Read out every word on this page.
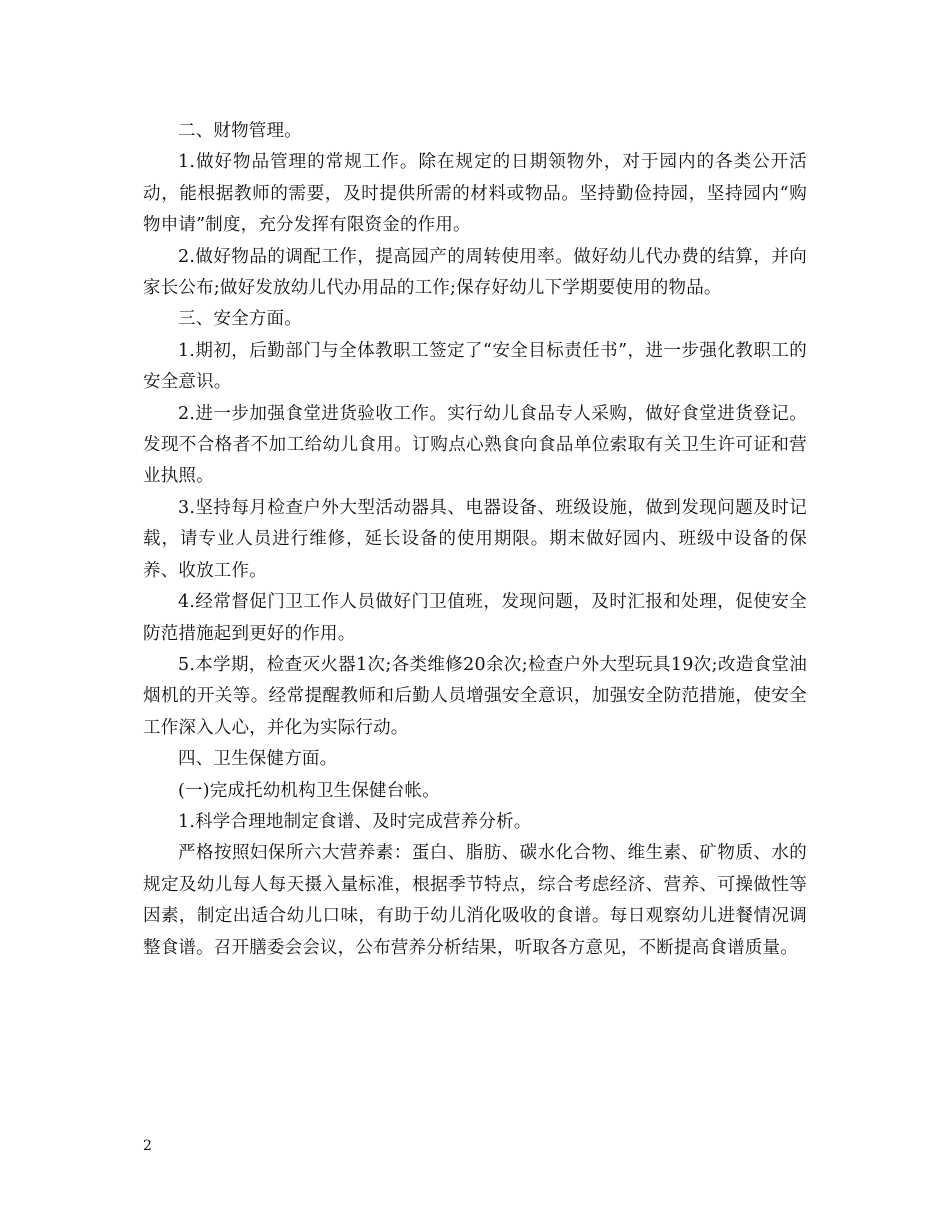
二、财物管理。

1.做好物品管理的常规工作。除在规定的日期领物外，对于园内的各类公开活动，能根据教师的需要，及时提供所需的材料或物品。坚持勤俭持园，坚持园内“购物申请”制度，充分发挥有限资金的作用。

2.做好物品的调配工作，提高园产的周转使用率。做好幼儿代办费的结算，并向家长公布;做好发放幼儿代办用品的工作;保存好幼儿下学期要使用的物品。

三、安全方面。

1.期初，后勤部门与全体教职工签定了“安全目标责任书”，进一步强化教职工的安全意识。

2.进一步加强食堂进货验收工作。实行幼儿食品专人采购，做好食堂进货登记。发现不合格者不加工给幼儿食用。订购点心熟食向食品单位索取有关卫生许可证和营业执照。

3.坚持每月检查户外大型活动器具、电器设备、班级设施，做到发现问题及时记载，请专业人员进行维修，延长设备的使用期限。期末做好园内、班级中设备的保养、收放工作。

4.经常督促门卫工作人员做好门卫值班，发现问题，及时汇报和处理，促使安全防范措施起到更好的作用。

5.本学期，检查灭火器1次;各类维修20余次;检查户外大型玩具19次;改造食堂油烟机的开关等。经常提醒教师和后勤人员增强安全意识，加强安全防范措施，使安全工作深入人心，并化为实际行动。

四、卫生保健方面。

(一)完成托幼机构卫生保健台帐。

1.科学合理地制定食谱、及时完成营养分析。

严格按照妇保所六大营养素：蛋白、脂肪、碳水化合物、维生素、矿物质、水的规定及幼儿每人每天摄入量标准，根据季节特点，综合考虑经济、营养、可操做性等因素，制定出适合幼儿口味，有助于幼儿消化吸收的食谱。每日观察幼儿进餐情况调整食谱。召开膳委会会议，公布营养分析结果，听取各方意见，不断提高食谱质量。

2
